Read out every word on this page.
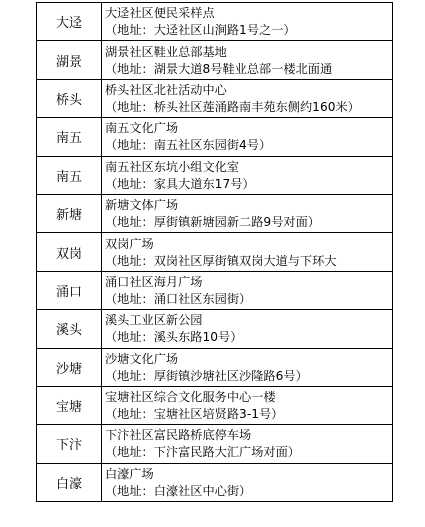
大迳
大迳社区便民采样点
（地址：大迳社区山涧路1号之一）
湖景
湖景社区鞋业总部基地
（地址：湖景大道8号鞋业总部一楼北面通
桥头
桥头社区北社活动中心
（地址：桥头社区莲涌路南丰苑东侧约160米）
南五
南五文化广场
（地址：南五社区东园街4号）
南五
南五社区东坑小组文化室
（地址：家具大道东17号）
新塘
新塘文体广场
（地址：厚街镇新塘园新二路9号对面）
双岗
双岗广场
（地址：双岗社区厚街镇双岗大道与下环大
涌口
涌口社区海月广场
（地址：涌口社区东园街）
溪头
溪头工业区新公园
（地址：溪头东路10号）
沙塘
沙塘文化广场
（地址：厚街镇沙塘社区沙隆路6号）
宝塘
宝塘社区综合文化服务中心一楼
（地址：宝塘社区培贤路3-1号）
下汴
下汴社区富民路桥底停车场
（地址：下汴富民路大汇广场对面）
白濠
白濠广场
（地址：白濠社区中心街）
